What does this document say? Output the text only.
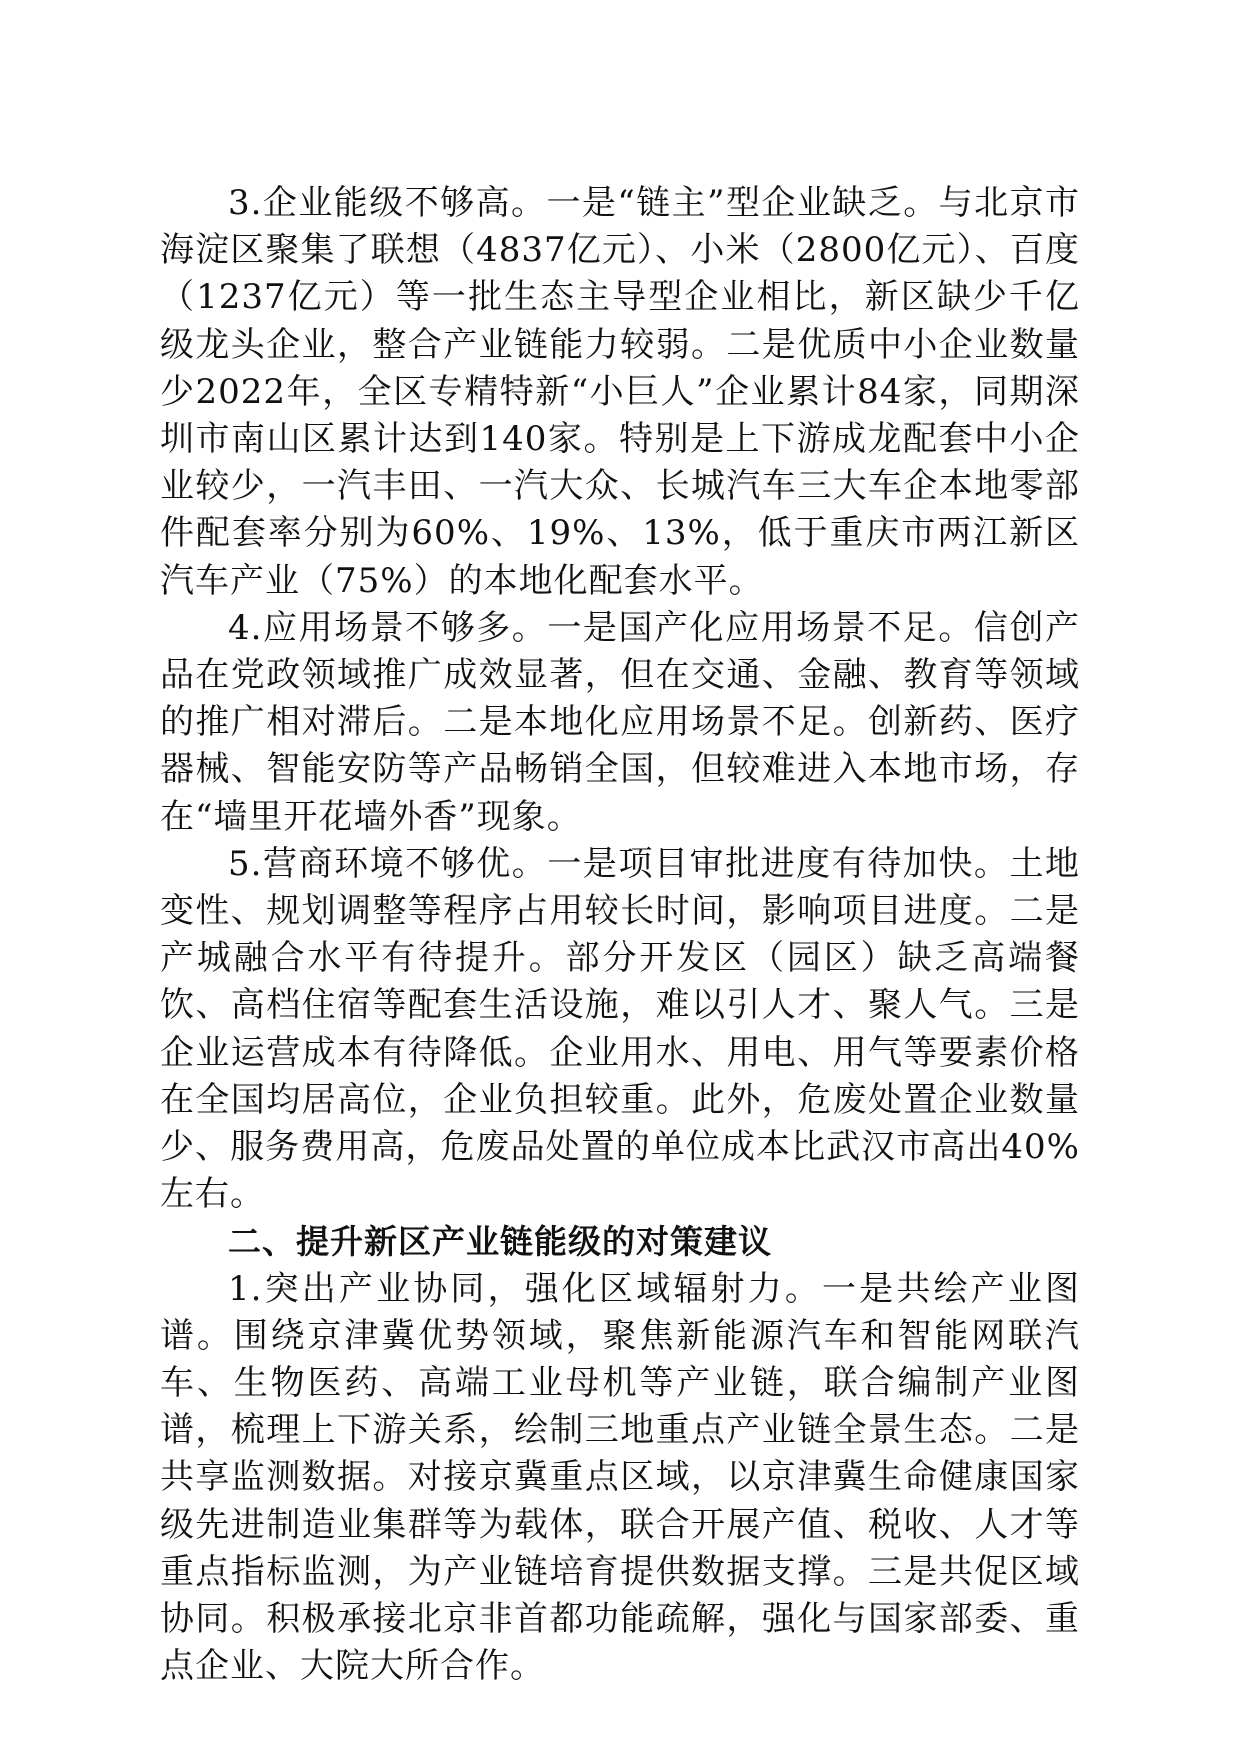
3.企业能级不够高。一是“链主”型企业缺乏。与北京市海淀区聚集了联想（4837亿元）、小米（2800亿元）、百度（1237亿元）等一批生态主导型企业相比，新区缺少千亿级龙头企业，整合产业链能力较弱。二是优质中小企业数量少2022年，全区专精特新“小巨人”企业累计84家，同期深圳市南山区累计达到140家。特别是上下游成龙配套中小企业较少，一汽丰田、一汽大众、长城汽车三大车企本地零部件配套率分别为60%、19%、13%，低于重庆市两江新区汽车产业（75%）的本地化配套水平。

4.应用场景不够多。一是国产化应用场景不足。信创产品在党政领域推广成效显著，但在交通、金融、教育等领域的推广相对滞后。二是本地化应用场景不足。创新药、医疗器械、智能安防等产品畅销全国，但较难进入本地市场，存在“墙里开花墙外香”现象。

5.营商环境不够优。一是项目审批进度有待加快。土地变性、规划调整等程序占用较长时间，影响项目进度。二是产城融合水平有待提升。部分开发区（园区）缺乏高端餐饮、高档住宿等配套生活设施，难以引人才、聚人气。三是企业运营成本有待降低。企业用水、用电、用气等要素价格在全国均居高位，企业负担较重。此外，危废处置企业数量少、服务费用高，危废品处置的单位成本比武汉市高出40%左右。

二、提升新区产业链能级的对策建议

1.突出产业协同，强化区域辐射力。一是共绘产业图谱。围绕京津冀优势领域，聚焦新能源汽车和智能网联汽车、生物医药、高端工业母机等产业链，联合编制产业图谱，梳理上下游关系，绘制三地重点产业链全景生态。二是共享监测数据。对接京冀重点区域，以京津冀生命健康国家级先进制造业集群等为载体，联合开展产值、税收、人才等重点指标监测，为产业链培育提供数据支撑。三是共促区域协同。积极承接北京非首都功能疏解，强化与国家部委、重点企业、大院大所合作。
